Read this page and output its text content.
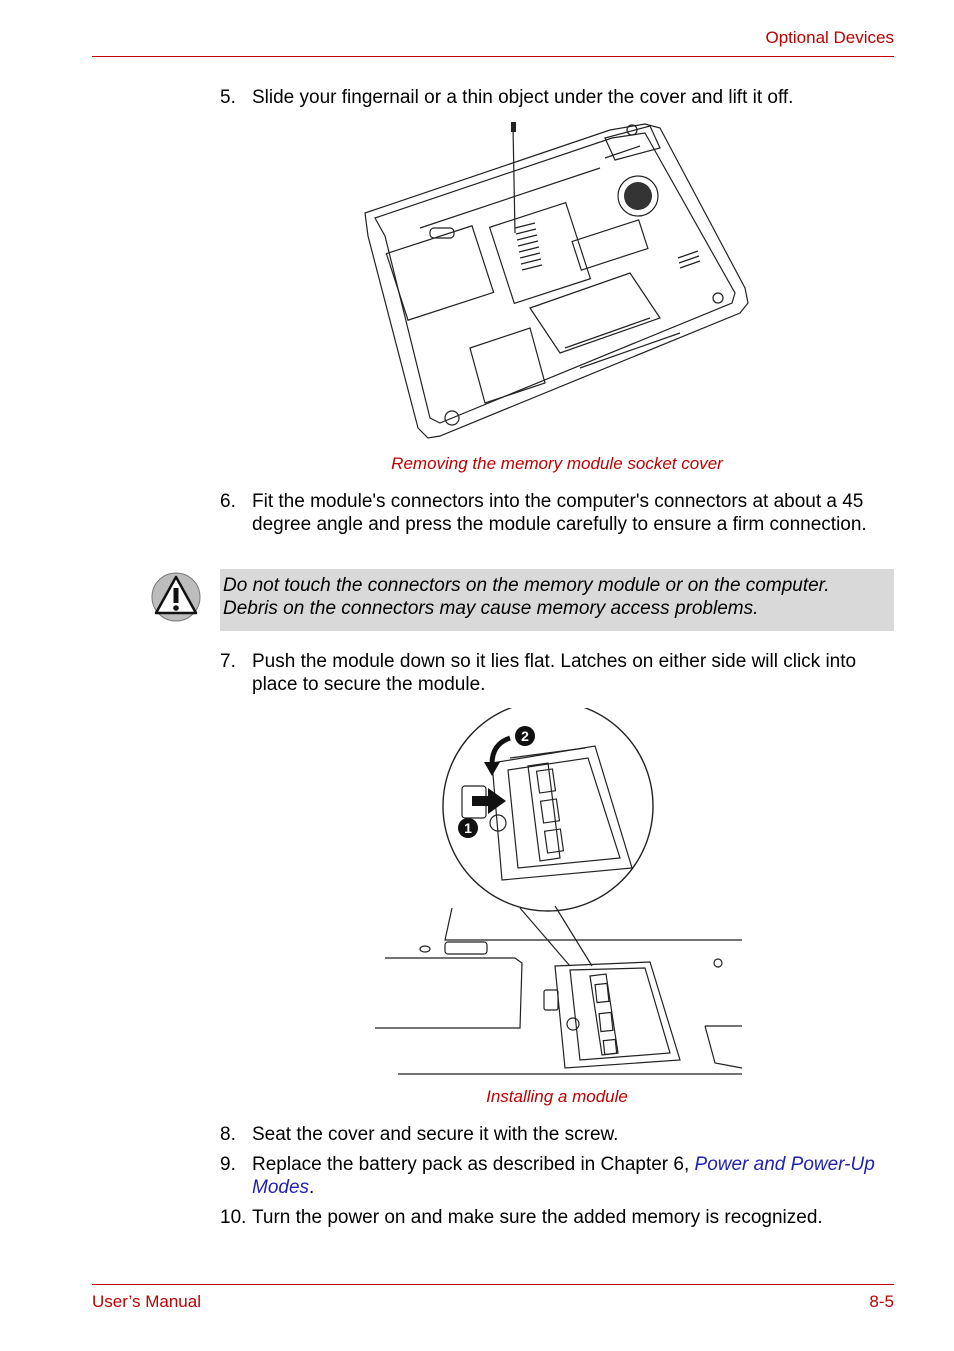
Optional Devices
5. Slide your fingernail or a thin object under the cover and lift it off.
Removing the memory module socket cover
6. Fit the module's connectors into the computer's connectors at about a 45 degree angle and press the module carefully to ensure a firm connection.
Do not touch the connectors on the memory module or on the computer. Debris on the connectors may cause memory access problems.
7. Push the module down so it lies flat. Latches on either side will click into place to secure the module.
2
1
Installing a module
8. Seat the cover and secure it with the screw.
9. Replace the battery pack as described in Chapter 6, Power and Power-Up Modes.
10. Turn the power on and make sure the added memory is recognized.
User’s Manual	8-5
